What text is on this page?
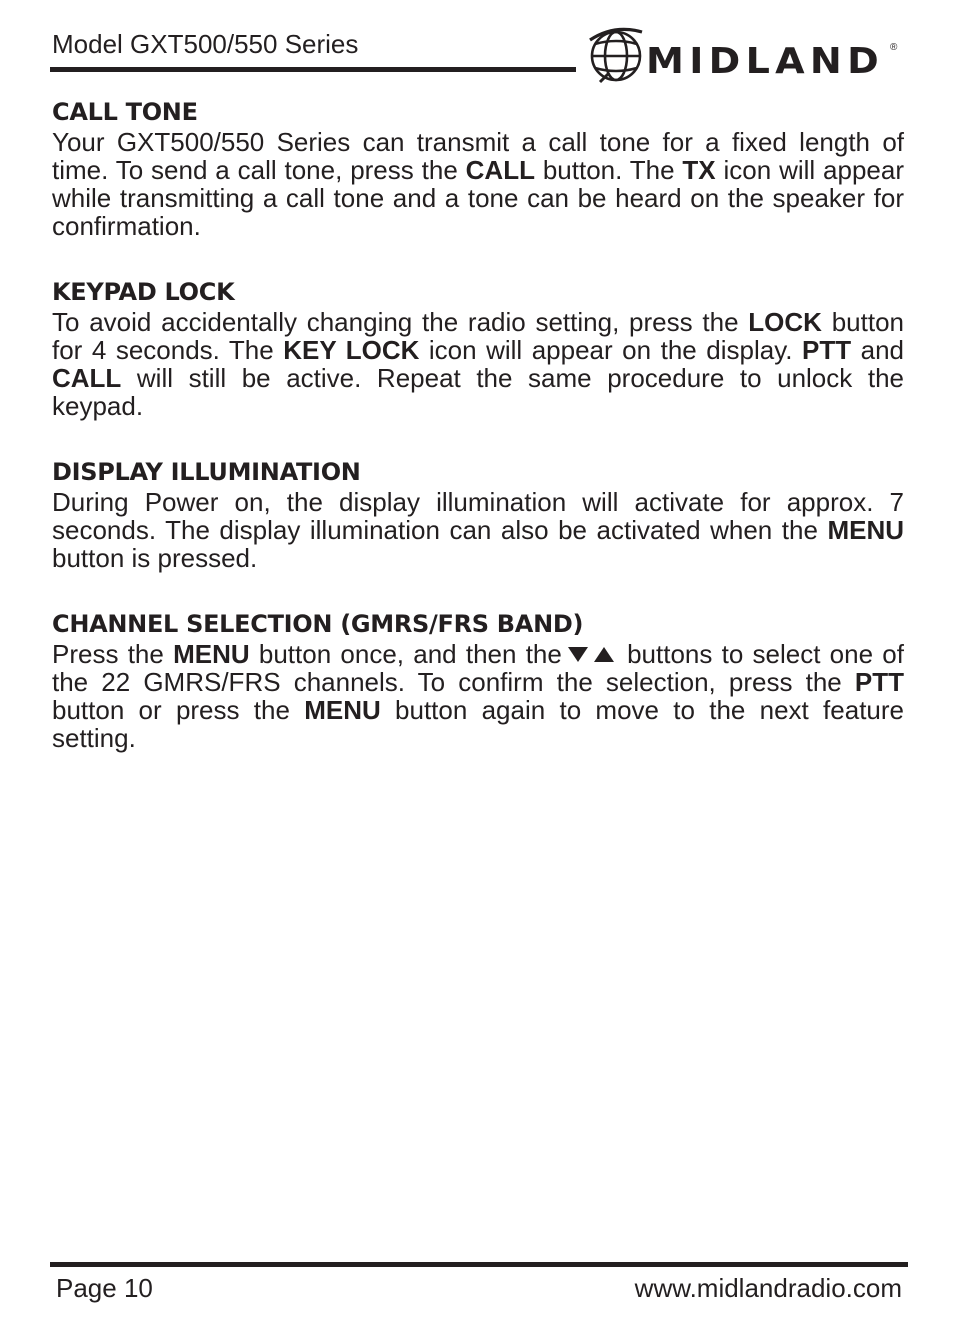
Model GXT500/550 Series	MIDLAND ®
CALL TONE

Your GXT500/550 Series can transmit a call tone for a fixed length of time. To send a call tone, press the CALL button. The TX icon will appear while transmitting a call tone and a tone can be heard on the speaker for confirmation.

KEYPAD LOCK

To avoid accidentally changing the radio setting, press the LOCK button for 4 seconds. The KEY LOCK icon will appear on the display. PTT and CALL will still be active. Repeat the same procedure to unlock the keypad.

DISPLAY ILLUMINATION

During Power on, the display illumination will activate for approx. 7 seconds. The display illumination can also be activated when the MENU button is pressed.

CHANNEL SELECTION (GMRS/FRS BAND)

Press the MENU button once, and then the
buttons to select one of the 22 GMRS/FRS channels. To confirm the selection, press the PTT button or press the MENU button again to move to the next feature setting.

Page 10	www.midlandradio.com
